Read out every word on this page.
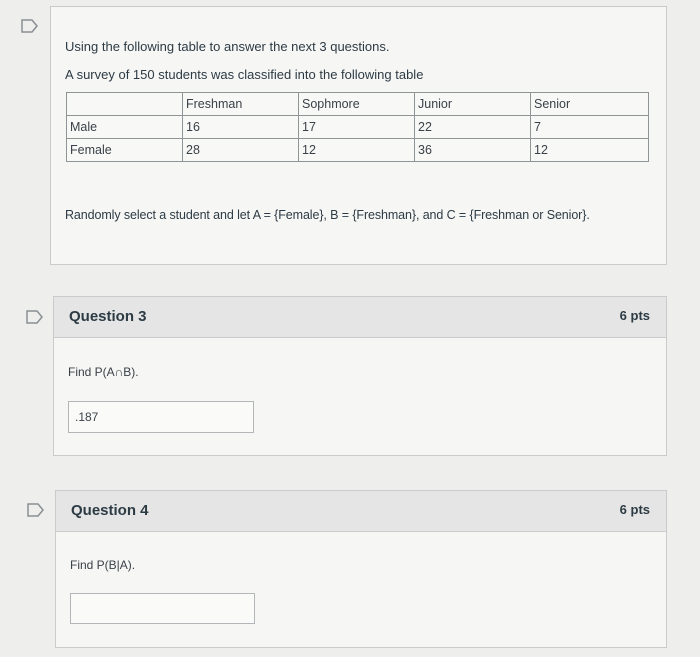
Using the following table to answer the next 3 questions.
A survey of 150 students was classified into the following table
	Freshman	Sophmore	Junior	Senior
Male	16	17	22	7
Female	28	12	36	12
Randomly select a student and let A = {Female}, B = {Freshman}, and C = {Freshman or Senior}.
Question 3	6 pts
Find P(A∩B).
.187
Question 4	6 pts
Find P(B|A).
